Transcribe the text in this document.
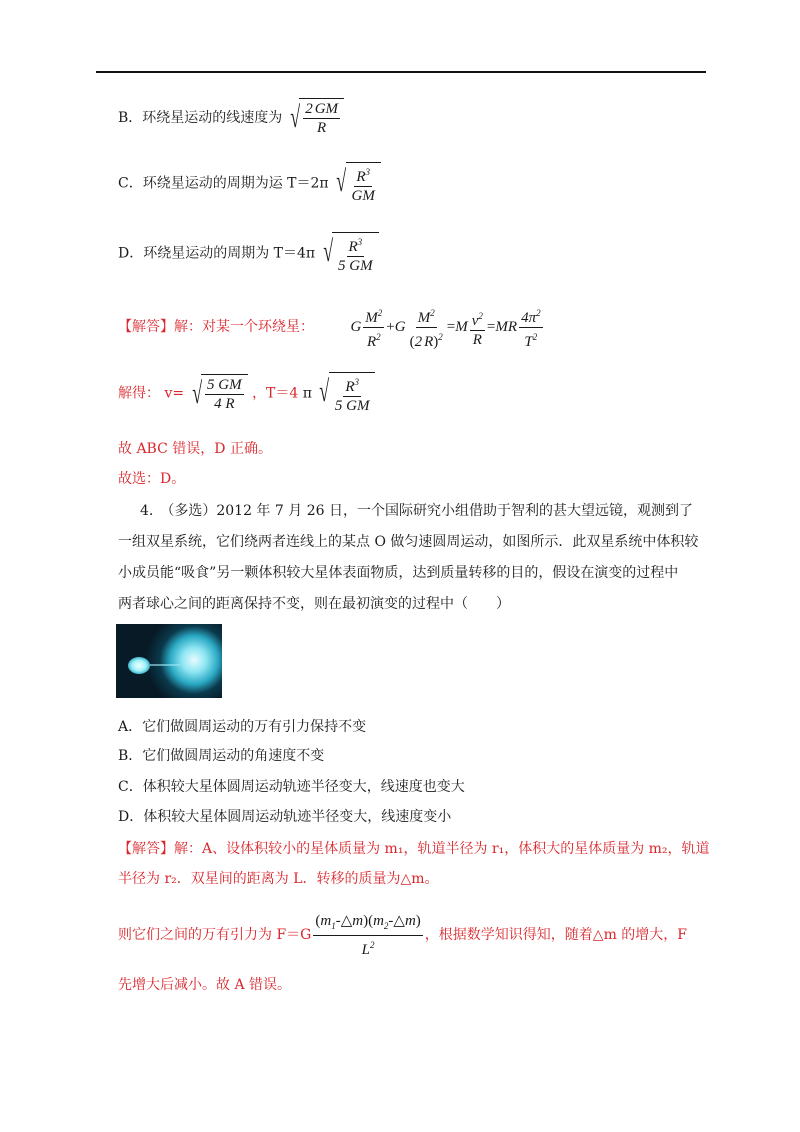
B．环绕星运动的线速度为 √ $\frac{2 GM}{R}$
C．环绕星运动的周期为运 T＝2π √ $\frac{R^3}{GM}$
D．环绕星运动的周期为 T＝4π √ $\frac{R^3}{5 GM}$
【解答】解：对某一个环绕星： G $\frac{M^2}{R^2} +G \frac{M^2}{(2 R)^2} =M \frac{v^2}{R} =MR \frac{4\pi^2}{T^2}$
解得： v= √ $\frac{5 GM}{4 R}$ ，T＝4 π √ $\frac{R^3}{5 GM}$
故 ABC 错误，D 正确。
故选：D。
4.　（多选）2012 年 7 月 26 日，一个国际研究小组借助于智利的甚大望远镜，观测到了
一组双星系统，它们绕两者连线上的某点 O 做匀速圆周运动，如图所示．此双星系统中体积较
小成员能“吸食”另一颗体积较大星体表面物质，达到质量转移的目的，假设在演变的过程中
两者球心之间的距离保持不变，则在最初演变的过程中（　　）
A．它们做圆周运动的万有引力保持不变
B．它们做圆周运动的角速度不变
C．体积较大星体圆周运动轨迹半径变大，线速度也变大
D．体积较大星体圆周运动轨迹半径变大，线速度变小
【解答】解：A、设体积较小的星体质量为 m₁，轨道半径为 r₁，体积大的星体质量为 m₂，轨道
半径为 r₂．双星间的距离为 L．转移的质量为△m。
则它们之间的万有引力为 $F=G \frac{(m_1-\triangle m)(m_2-\triangle m)}{L^2}$ ，根据数学知识得知，随着△m 的增大，F
先增大后减小。故 A 错误。
